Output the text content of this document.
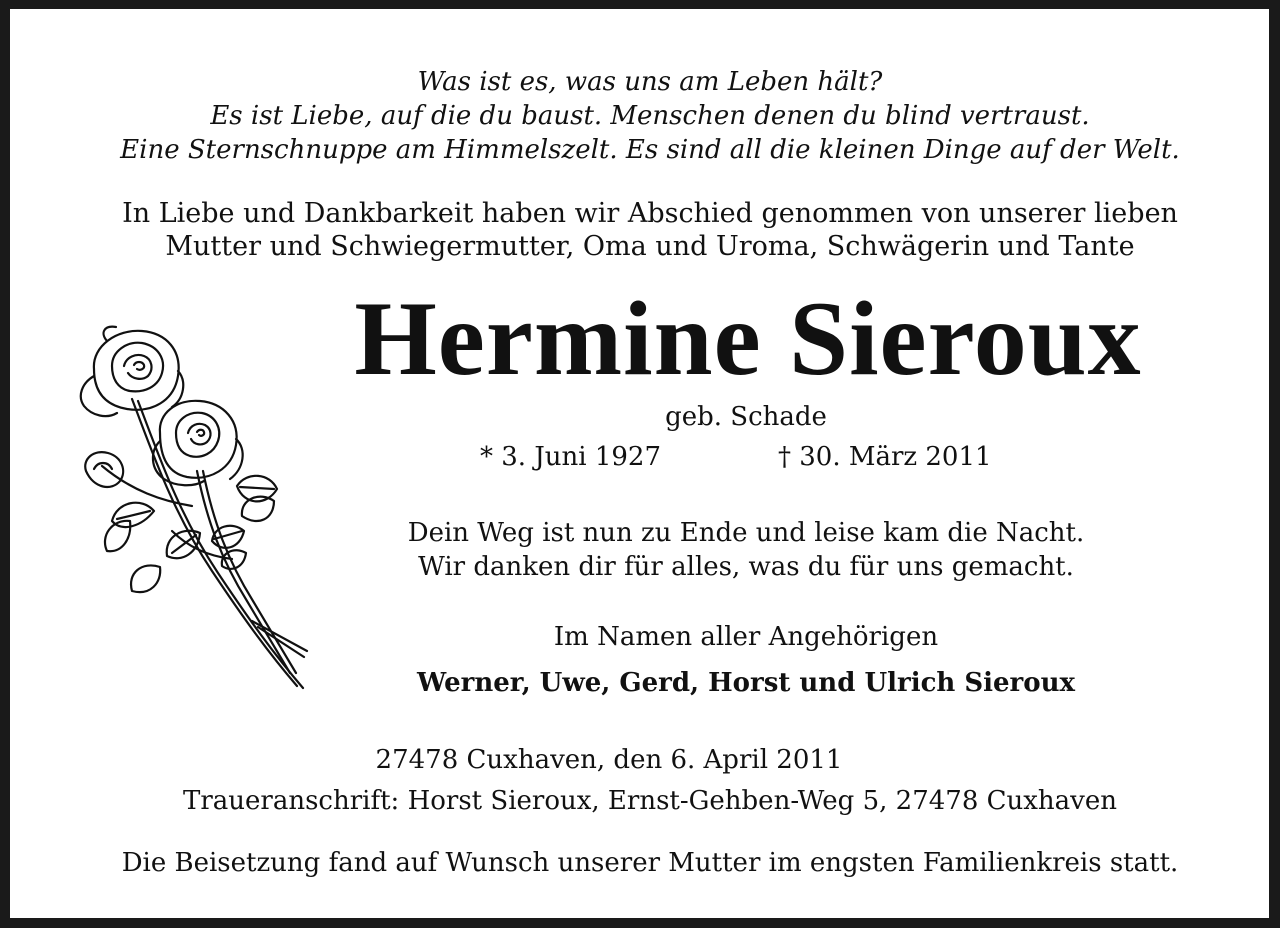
Was ist es, was uns am Leben hält?
Es ist Liebe, auf die du baust. Menschen denen du blind vertraust.
Eine Sternschnuppe am Himmelszelt. Es sind all die kleinen Dinge auf der Welt.
In Liebe und Dankbarkeit haben wir Abschied genommen von unserer lieben
Mutter und Schwiegermutter, Oma und Uroma, Schwägerin und Tante
Hermine Sieroux
geb. Schade
* 3. Juni 1927	† 30. März 2011
Dein Weg ist nun zu Ende und leise kam die Nacht.
Wir danken dir für alles, was du für uns gemacht.
Im Namen aller Angehörigen
Werner, Uwe, Gerd, Horst und Ulrich Sieroux
27478 Cuxhaven, den 6. April 2011
Traueranschrift: Horst Sieroux, Ernst-Gehben-Weg 5, 27478 Cuxhaven
Die Beisetzung fand auf Wunsch unserer Mutter im engsten Familienkreis statt.
